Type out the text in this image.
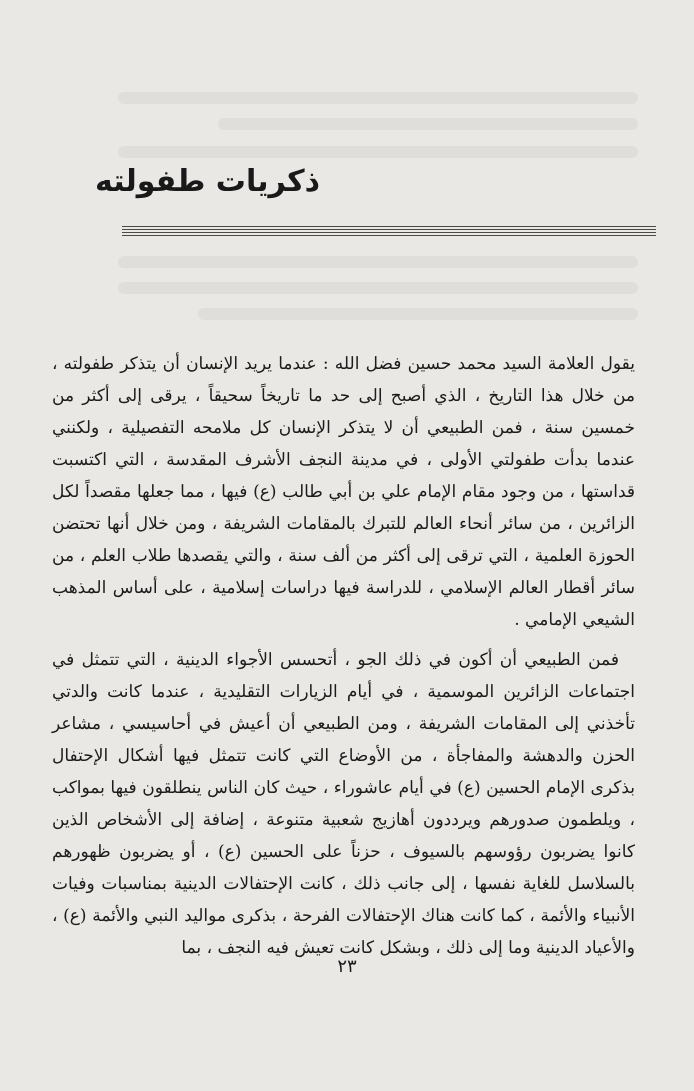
ذكريات طفولته

يقول العلامة السيد محمد حسين فضل الله : عندما يريد الإنسان أن يتذكر طفولته ، من خلال هذا التاريخ ، الذي أصبح إلى حد ما تاريخاً سحيقاً ، يرقى إلى أكثر من خمسين سنة ، فمن الطبيعي أن لا يتذكر الإنسان كل ملامحه التفصيلية ، ولكنني عندما بدأت طفولتي الأولى ، في مدينة النجف الأشرف المقدسة ، التي اكتسبت قداستها ، من وجود مقام الإمام علي بن أبي طالب (ع) فيها ، مما جعلها مقصداً لكل الزائرين ، من سائر أنحاء العالم للتبرك بالمقامات الشريفة ، ومن خلال أنها تحتضن الحوزة العلمية ، التي ترقى إلى أكثر من ألف سنة ، والتي يقصدها طلاب العلم ، من سائر أقطار العالم الإسلامي ، للدراسة فيها دراسات إسلامية ، على أساس المذهب الشيعي الإمامي .

فمن الطبيعي أن أكون في ذلك الجو ، أتحسس الأجواء الدينية ، التي تتمثل في اجتماعات الزائرين الموسمية ، في أيام الزيارات التقليدية ، عندما كانت والدتي تأخذني إلى المقامات الشريفة ، ومن الطبيعي أن أعيش في أحاسيسي ، مشاعر الحزن والدهشة والمفاجأة ، من الأوضاع التي كانت تتمثل فيها أشكال الإحتفال بذكرى الإمام الحسين (ع) في أيام عاشوراء ، حيث كان الناس ينطلقون فيها بمواكب ، ويلطمون صدورهم ويرددون أهازيج شعبية متنوعة ، إضافة إلى الأشخاص الذين كانوا يضربون رؤوسهم بالسيوف ، حزناً على الحسين (ع) ، أو يضربون ظهورهم بالسلاسل للغاية نفسها ، إلى جانب ذلك ، كانت الإحتفالات الدينية بمناسبات وفيات الأنبياء والأئمة ، كما كانت هناك الإحتفالات الفرحة ، بذكرى مواليد النبي والأئمة (ع) ، والأعياد الدينية وما إلى ذلك ، وبشكل كانت تعيش فيه النجف ، بما

٢٣
